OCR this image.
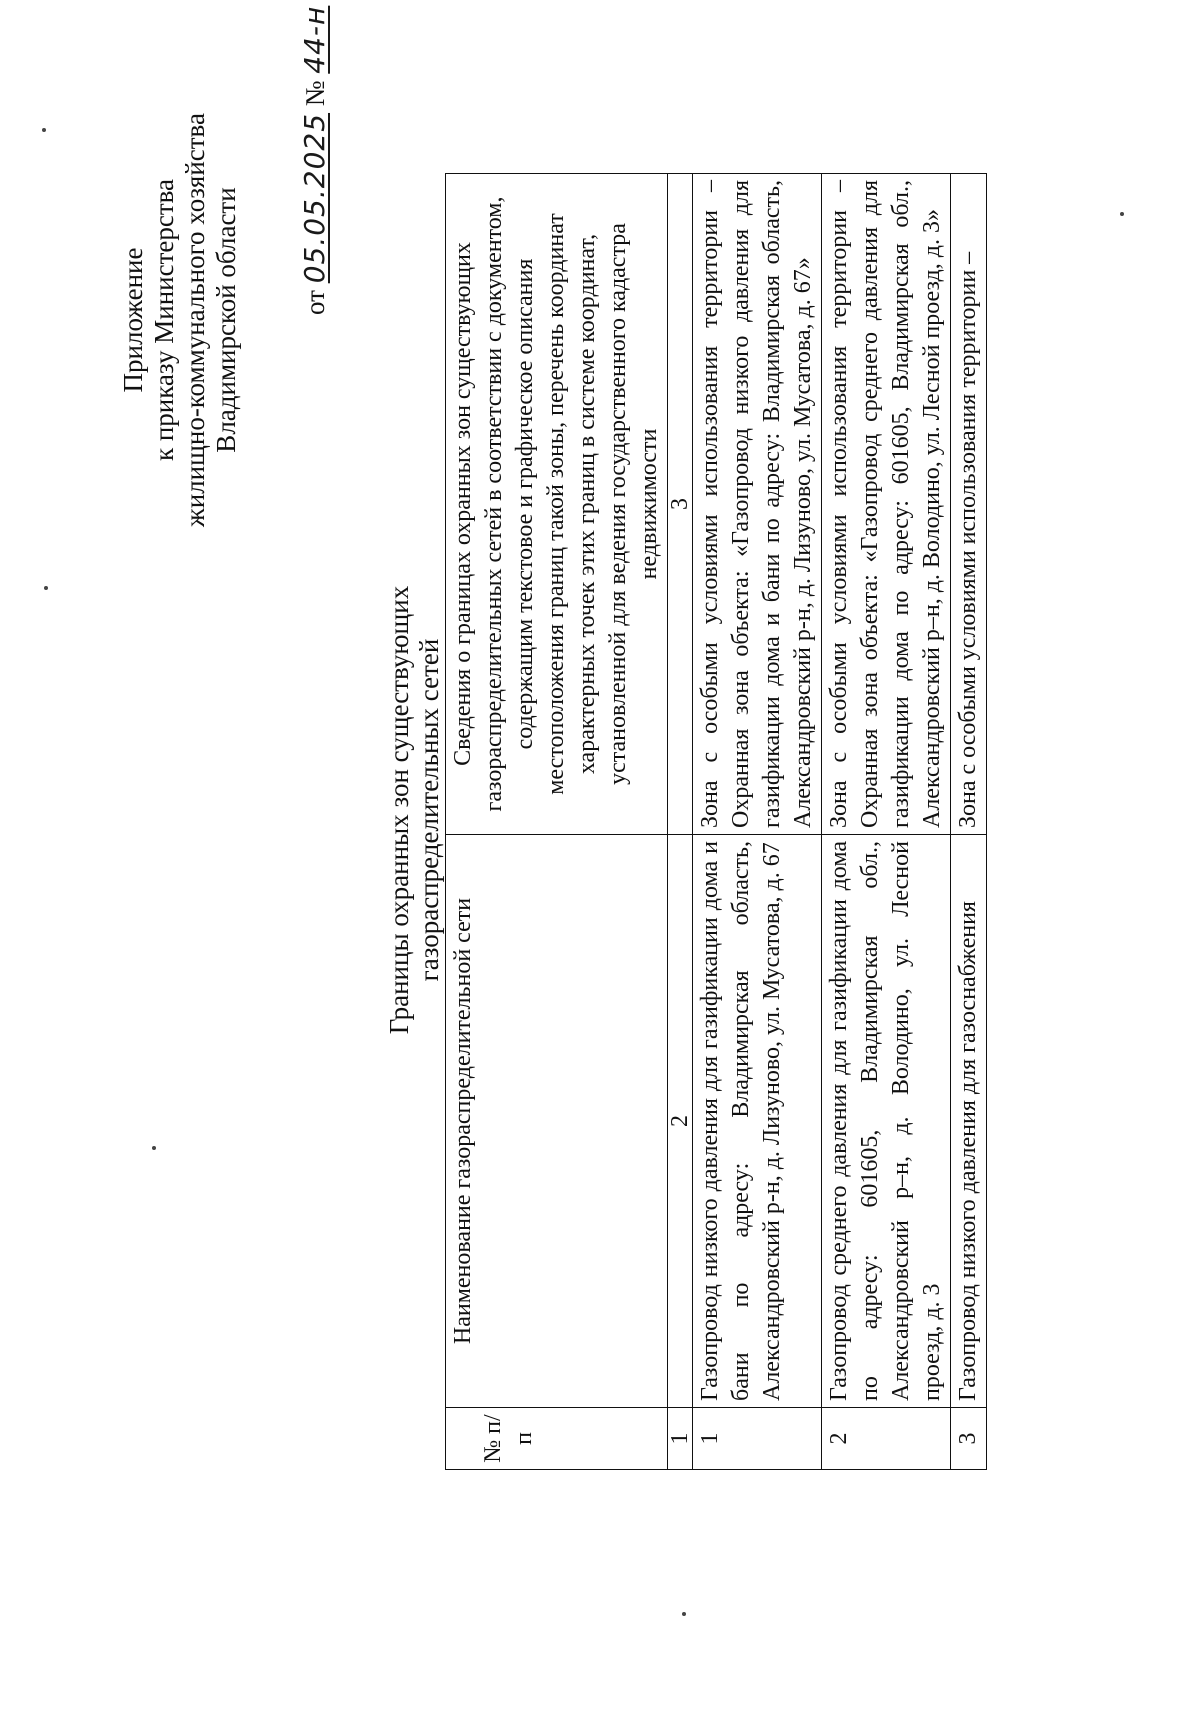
Приложение к приказу Министерства жилищно-коммунального хозяйства Владимирской области от 05.05.2025 № 44-н
Границы охранных зон существующих газораспределительных сетей
№ п/п	Наименование газораспределительной сети	Сведения о границах охранных зон существующих газораспределительных сетей в соответствии с документом, содержащим текстовое и графическое описания местоположения границ такой зоны, перечень координат характерных точек этих границ в системе координат, установленной для ведения государственного кадастра недвижимости
1	2	3
1	Газопровод низкого давления для газификации дома и бани по адресу: Владимирская область, Александровский р-н, д. Лизуново, ул. Мусатова, д. 67	Зона с особыми условиями использования территории – Охранная зона объекта: «Газопровод низкого давления для газификации дома и бани по адресу: Владимирская область, Александровский р-н, д. Лизуново, ул. Мусатова, д. 67»
2	Газопровод среднего давления для газификации дома по адресу: 601605, Владимирская обл., Александровский р–н, д. Володино, ул. Лесной проезд, д. 3	Зона с особыми условиями использования территории – Охранная зона объекта: «Газопровод среднего давления для газификации дома по адресу: 601605, Владимирская обл., Александровский р–н, д. Володино, ул. Лесной проезд, д. 3»
3	Газопровод низкого давления для газоснабжения	Зона с особыми условиями использования территории –
